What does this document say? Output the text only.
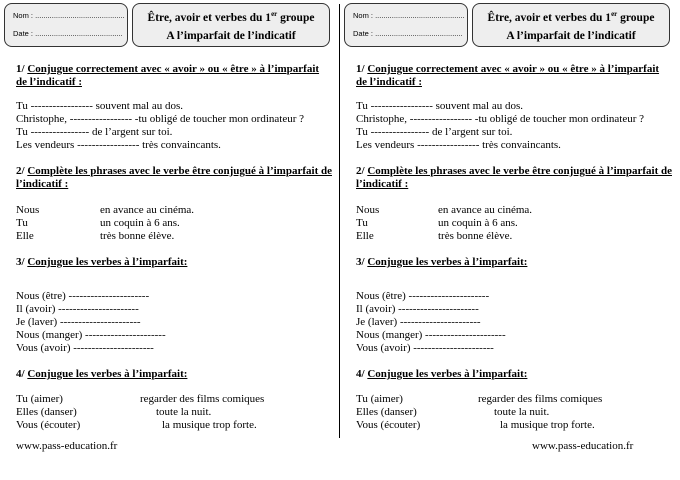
Nom : ...........................................
Date : ..........................................
Être, avoir et verbes du 1er groupe
A l’imparfait de l’indicatif
1/ Conjugue correctement avec « avoir » ou « être » à l’imparfait de l’indicatif :
Tu ----------------- souvent mal au dos.
Christophe, ----------------- -tu obligé de toucher mon ordinateur ?
Tu ---------------- de l’argent sur toi.
Les vendeurs ----------------- très convaincants.
2/ Complète les phrases avec le verbe être conjugué à l’imparfait de l’indicatif :
Nous	en avance au cinéma.
Tu	un coquin à 6 ans.
Elle	très bonne élève.
3/ Conjugue les verbes à l’imparfait:
Nous (être) ----------------------
Il (avoir) ----------------------
Je (laver) ----------------------
Nous (manger) ----------------------
Vous (avoir) ----------------------
4/ Conjugue les verbes à l’imparfait:
Tu (aimer)	regarder des films comiques
Elles (danser)	toute la nuit.
Vous (écouter)	la musique trop forte.
www.pass-education.fr
Nom : ...........................................
Date : ..........................................
Être, avoir et verbes du 1er groupe
A l’imparfait de l’indicatif
1/ Conjugue correctement avec « avoir » ou « être » à l’imparfait de l’indicatif :
Tu ----------------- souvent mal au dos.
Christophe, ----------------- -tu obligé de toucher mon ordinateur ?
Tu ---------------- de l’argent sur toi.
Les vendeurs ----------------- très convaincants.
2/ Complète les phrases avec le verbe être conjugué à l’imparfait de l’indicatif :
Nous	en avance au cinéma.
Tu	un coquin à 6 ans.
Elle	très bonne élève.
3/ Conjugue les verbes à l’imparfait:
Nous (être) ----------------------
Il (avoir) ----------------------
Je (laver) ----------------------
Nous (manger) ----------------------
Vous (avoir) ----------------------
4/ Conjugue les verbes à l’imparfait:
Tu (aimer)	regarder des films comiques
Elles (danser)	toute la nuit.
Vous (écouter)	la musique trop forte.
www.pass-education.fr
